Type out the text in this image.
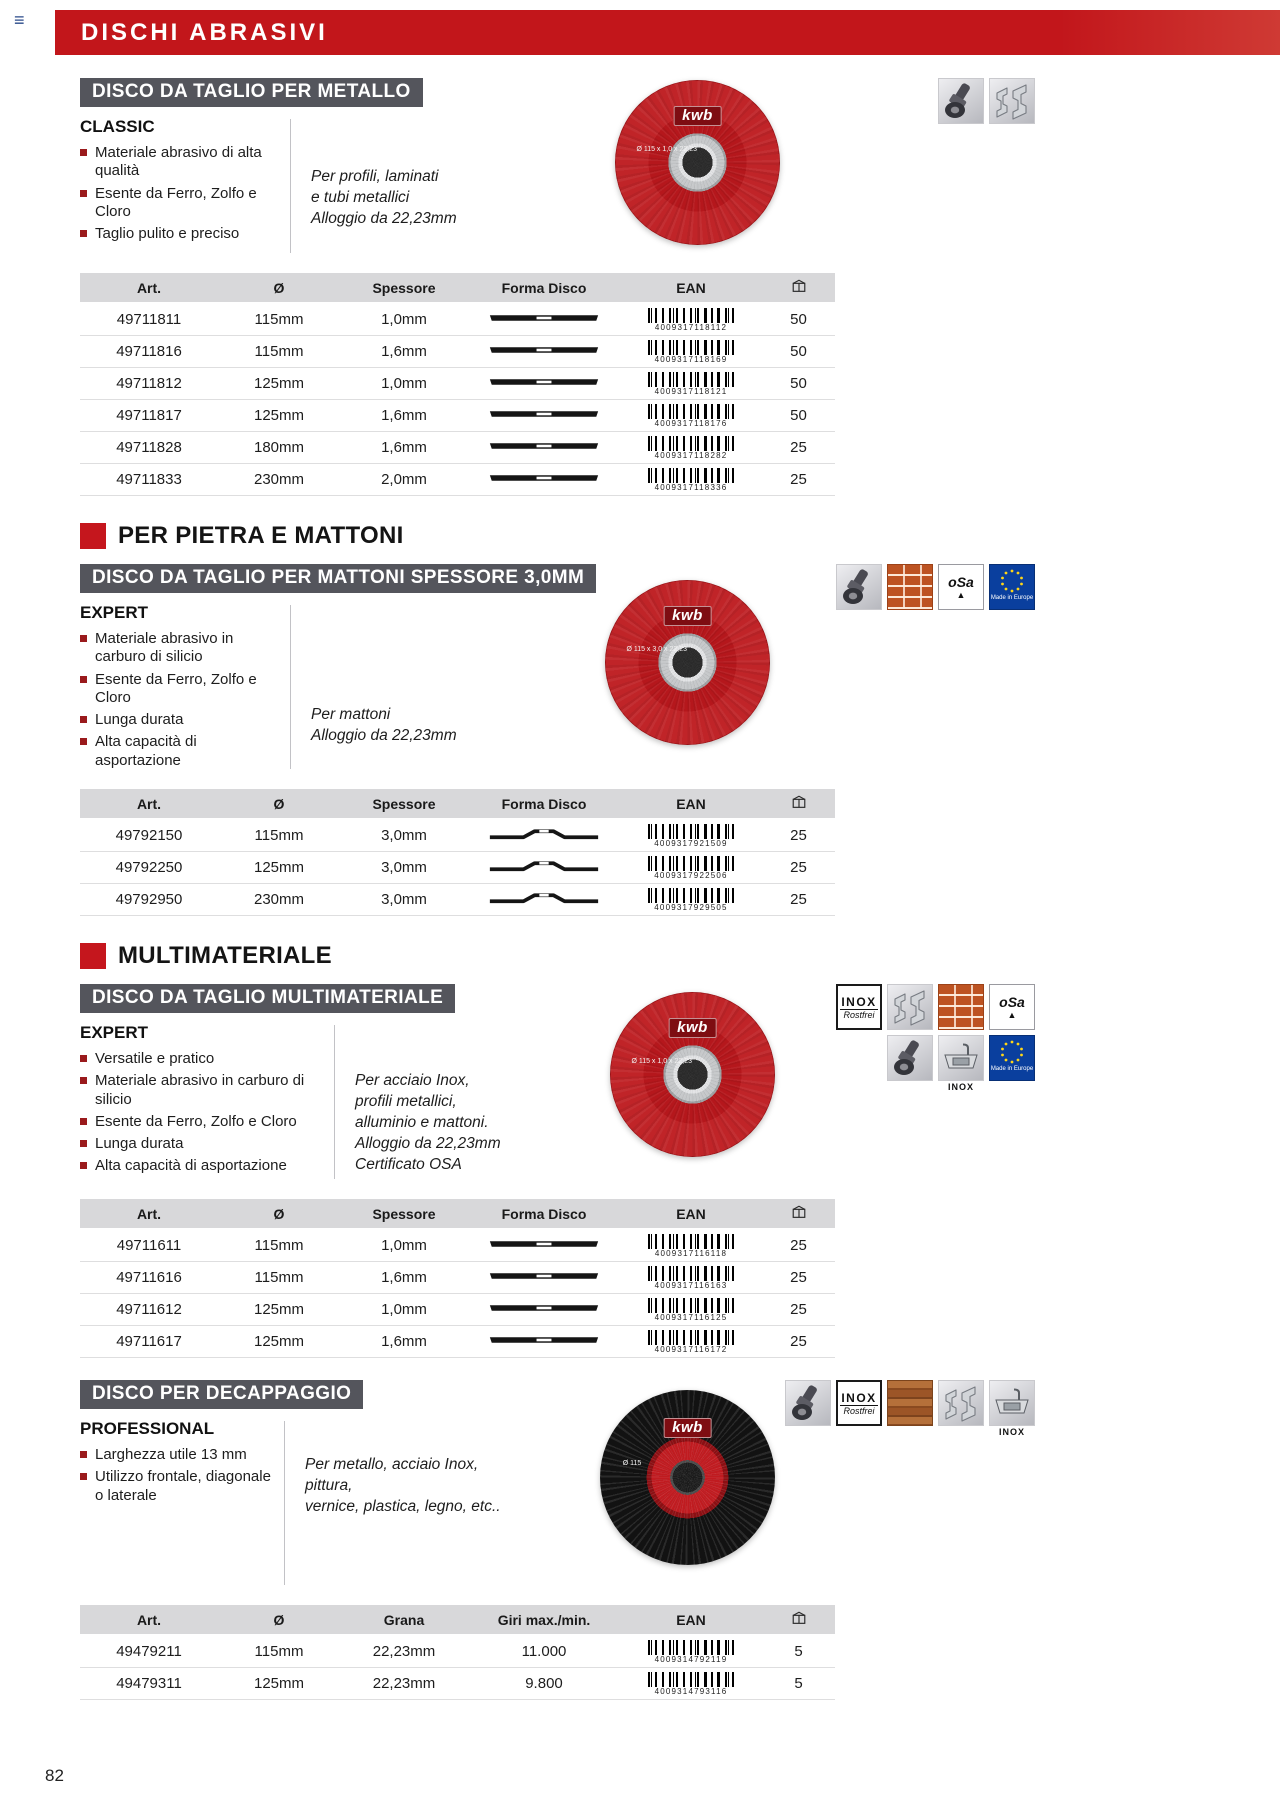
≡ DISCHI ABRASIVI
DISCO DA TAGLIO PER METALLO
kwb
Ø 115 x 1,0 x 22,23
CLASSIC
Materiale abrasivo di alta qualità
Esente da Ferro, Zolfo e Cloro
Taglio pulito e preciso
Per profili, laminati
e tubi metallici
Alloggio da 22,23mm
Art.	Ø	Spessore	Forma Disco	EAN	
49711811	115mm	1,0mm		4009317118112	50
49711816	115mm	1,6mm		4009317118169	50
49711812	125mm	1,0mm		4009317118121	50
49711817	125mm	1,6mm		4009317118176	50
49711828	180mm	1,6mm		4009317118282	25
49711833	230mm	2,0mm		4009317118336	25
PER PIETRA E MATTONI
DISCO DA TAGLIO PER MATTONI SPESSORE 3,0MM	oSa
▲	Made in Europe
kwb
Ø 115 x 3,0 x 22,23
EXPERT
Materiale abrasivo in carburo di silicio
Esente da Ferro, Zolfo e Cloro
Lunga durata
Alta capacità di asportazione
Per mattoni
Alloggio da 22,23mm
Art.	Ø	Spessore	Forma Disco	EAN	
49792150	115mm	3,0mm		4009317921509	25
49792250	125mm	3,0mm		4009317922506	25
49792950	230mm	3,0mm		4009317929505	25
MULTIMATERIALE
DISCO DA TAGLIO MULTIMATERIALE	INOX
Rostfrei
oSa
▲
INOX
Made in Europe
kwb
Ø 115 x 1,0 x 22,23
EXPERT
Versatile e pratico
Materiale abrasivo in carburo di silicio
Esente da Ferro, Zolfo e Cloro
Lunga durata
Alta capacità di asportazione
Per acciaio Inox,
profili metallici,
alluminio e mattoni.
Alloggio da 22,23mm
Certificato OSA
Art.	Ø	Spessore	Forma Disco	EAN	
49711611	115mm	1,0mm		4009317116118	25
49711616	115mm	1,6mm		4009317116163	25
49711612	125mm	1,0mm		4009317116125	25
49711617	125mm	1,6mm		4009317116172	25
DISCO PER DECAPPAGGIO	INOX
Rostfrei
INOX
kwb
Ø 115
PROFESSIONAL
Larghezza utile 13 mm
Utilizzo frontale, diagonale o laterale
Per metallo, acciaio Inox, pittura,
vernice, plastica, legno, etc..
Art.	Ø	Grana	Giri max./min.	EAN	
49479211	115mm	22,23mm	11.000	4009314792119	5
49479311	125mm	22,23mm	9.800	4009314793116	5
82
